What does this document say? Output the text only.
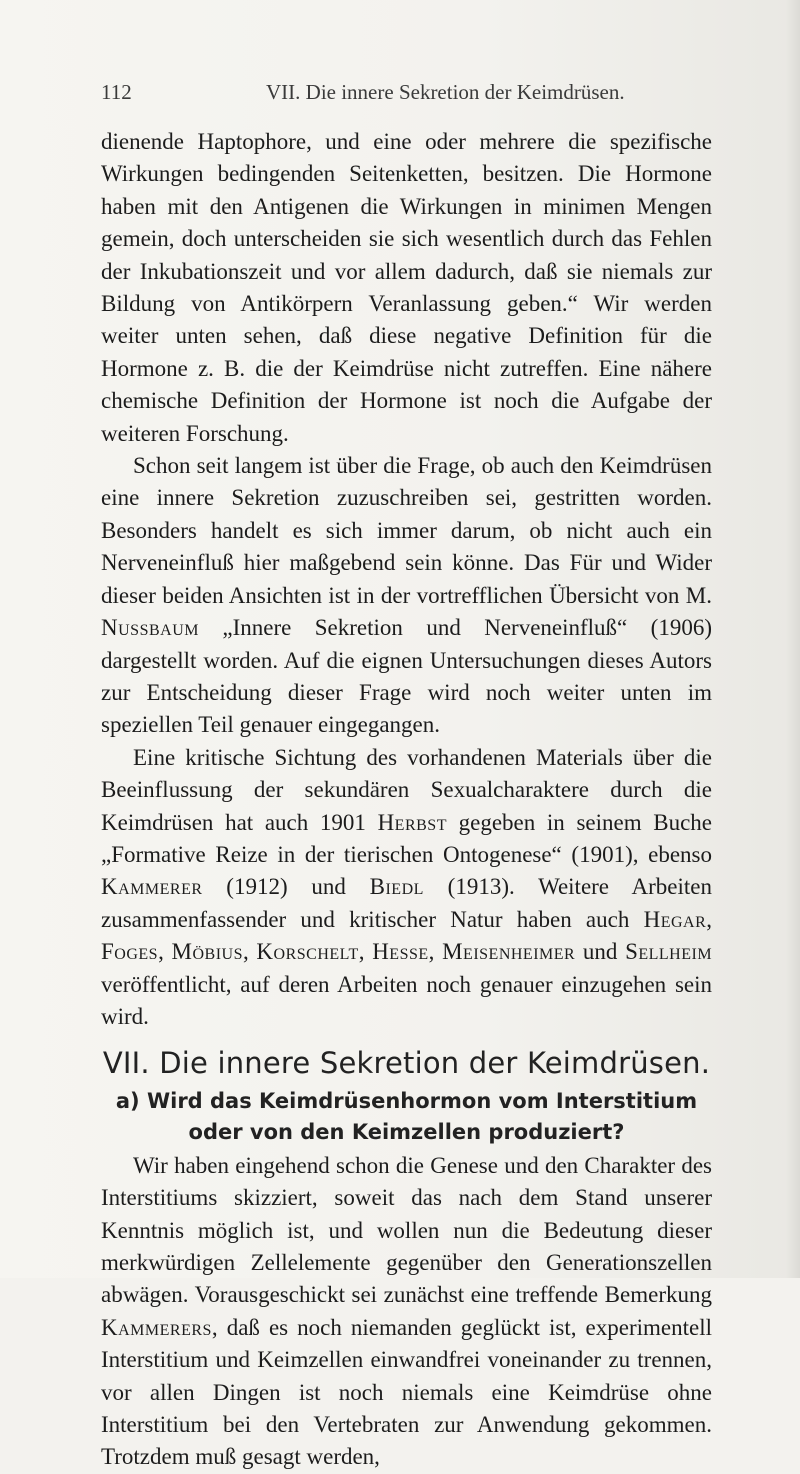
112	VII. Die innere Sekretion der Keimdrüsen.

dienende Haptophore, und eine oder mehrere die spezifische Wirkungen bedingenden Seitenketten, besitzen. Die Hormone haben mit den Antigenen die Wirkungen in minimen Mengen gemein, doch unterscheiden sie sich wesentlich durch das Fehlen der Inkubationszeit und vor allem dadurch, daß sie niemals zur Bildung von Antikörpern Veranlassung geben.“ Wir werden weiter unten sehen, daß diese negative Definition für die Hormone z. B. die der Keimdrüse nicht zutreffen. Eine nähere chemische Definition der Hormone ist noch die Aufgabe der weiteren Forschung.

Schon seit langem ist über die Frage, ob auch den Keimdrüsen eine innere Sekretion zuzuschreiben sei, gestritten worden. Besonders handelt es sich immer darum, ob nicht auch ein Nerveneinfluß hier maßgebend sein könne. Das Für und Wider dieser beiden Ansichten ist in der vortrefflichen Übersicht von M. Nussbaum „Innere Sekretion und Nerveneinfluß“ (1906) dargestellt worden. Auf die eignen Untersuchungen dieses Autors zur Entscheidung dieser Frage wird noch weiter unten im speziellen Teil genauer eingegangen.

Eine kritische Sichtung des vorhandenen Materials über die Beeinflussung der sekundären Sexualcharaktere durch die Keimdrüsen hat auch 1901 Herbst gegeben in seinem Buche „Formative Reize in der tierischen Ontogenese“ (1901), ebenso Kammerer (1912) und Biedl (1913). Weitere Arbeiten zusammenfassender und kritischer Natur haben auch Hegar, Foges, Möbius, Korschelt, Hesse, Meisenheimer und Sellheim veröffentlicht, auf deren Arbeiten noch genauer einzugehen sein wird.

VII. Die innere Sekretion der Keimdrüsen.
a) Wird das Keimdrüsenhormon vom Interstitium oder von den Keimzellen produziert?

Wir haben eingehend schon die Genese und den Charakter des Interstitiums skizziert, soweit das nach dem Stand unserer Kenntnis möglich ist, und wollen nun die Bedeutung dieser merkwürdigen Zellelemente gegenüber den Generationszellen abwägen. Vorausgeschickt sei zunächst eine treffende Bemerkung Kammerers, daß es noch niemanden geglückt ist, experimentell Interstitium und Keimzellen einwandfrei voneinander zu trennen, vor allen Dingen ist noch niemals eine Keimdrüse ohne Interstitium bei den Vertebraten zur Anwendung gekommen. Trotzdem muß gesagt werden,
